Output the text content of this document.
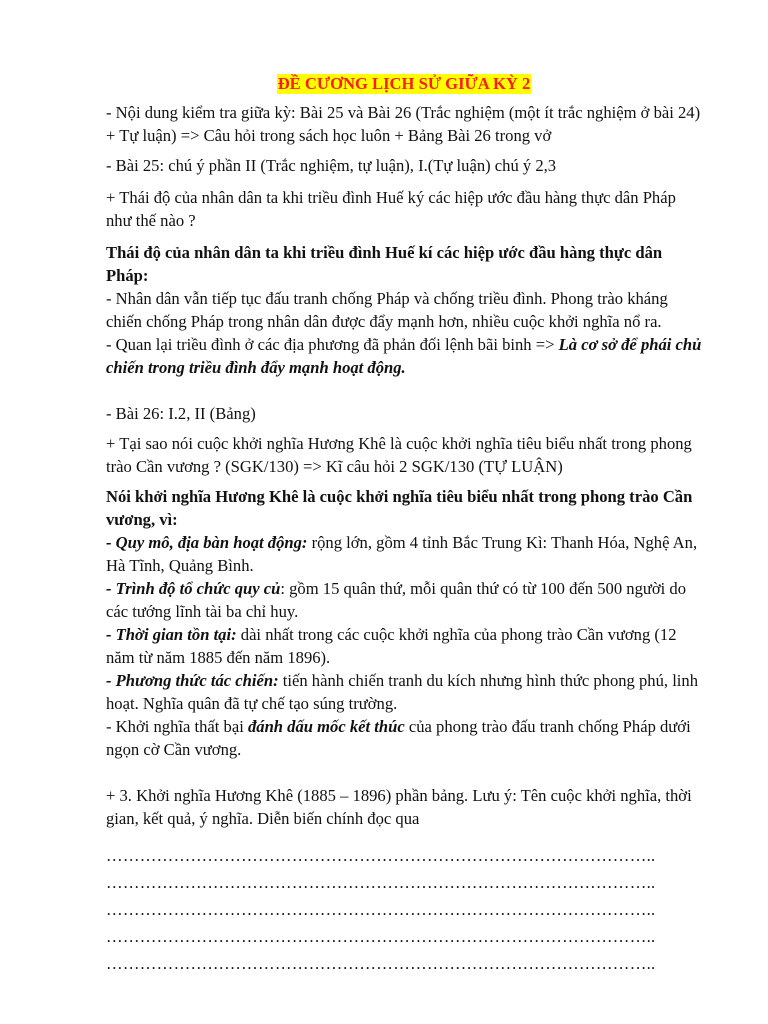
ĐỀ CƯƠNG LỊCH SỬ GIỮA KỲ 2

- Nội dung kiểm tra giữa kỳ: Bài 25 và Bài 26 (Trắc nghiệm (một ít trắc nghiệm ở bài 24) + Tự luận) => Câu hỏi trong sách học luôn + Bảng Bài 26 trong vở

- Bài 25: chú ý phần II (Trắc nghiệm, tự luận), I.(Tự luận) chú ý 2,3

+ Thái độ của nhân dân ta khi triều đình Huế ký các hiệp ước đầu hàng thực dân Pháp như thế nào ?

Thái độ của nhân dân ta khi triều đình Huế kí các hiệp ước đầu hàng thực dân Pháp:

- Nhân dân vẫn tiếp tục đấu tranh chống Pháp và chống triều đình. Phong trào kháng chiến chống Pháp trong nhân dân được đẩy mạnh hơn, nhiều cuộc khởi nghĩa nổ ra.

- Quan lại triều đình ở các địa phương đã phản đối lệnh bãi binh => Là cơ sở để phái chủ chiến trong triều đình đẩy mạnh hoạt động.

- Bài 26: I.2, II (Bảng)

+ Tại sao nói cuộc khởi nghĩa Hương Khê là cuộc khởi nghĩa tiêu biểu nhất trong phong trào Cần vương ? (SGK/130) => Kĩ câu hỏi 2 SGK/130 (TỰ LUẬN)

Nói khởi nghĩa Hương Khê là cuộc khởi nghĩa tiêu biểu nhất trong phong trào Cần vương, vì:

- Quy mô, địa bàn hoạt động: rộng lớn, gồm 4 tỉnh Bắc Trung Kì: Thanh Hóa, Nghệ An, Hà Tĩnh, Quảng Bình.

- Trình độ tổ chức quy củ: gồm 15 quân thứ, mỗi quân thứ có từ 100 đến 500 người do các tướng lĩnh tài ba chỉ huy.

- Thời gian tồn tại: dài nhất trong các cuộc khởi nghĩa của phong trào Cần vương (12 năm từ năm 1885 đến năm 1896).

- Phương thức tác chiến: tiến hành chiến tranh du kích nhưng hình thức phong phú, linh hoạt. Nghĩa quân đã tự chế tạo súng trường.

- Khởi nghĩa thất bại đánh dấu mốc kết thúc của phong trào đấu tranh chống Pháp dưới ngọn cờ Cần vương.

+ 3. Khởi nghĩa Hương Khê (1885 – 1896) phần bảng. Lưu ý: Tên cuộc khởi nghĩa, thời gian, kết quả, ý nghĩa. Diễn biến chính đọc qua

……………………………………………………………………………………..

……………………………………………………………………………………..

……………………………………………………………………………………..

……………………………………………………………………………………..

……………………………………………………………………………………..
